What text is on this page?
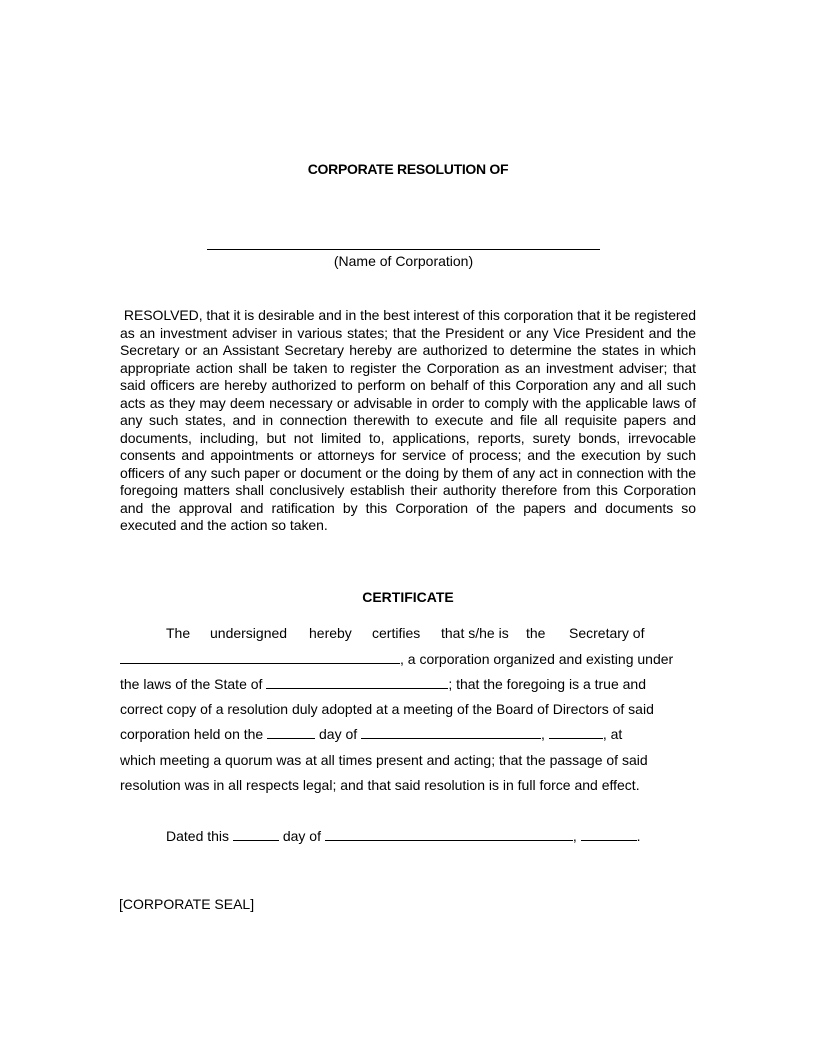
CORPORATE RESOLUTION OF
(Name of Corporation)
RESOLVED, that it is desirable and in the best interest of this corporation that it be registered as an investment adviser in various states; that the President or any Vice President and the Secretary or an Assistant Secretary hereby are authorized to determine the states in which appropriate action shall be taken to register the Corporation as an investment adviser; that said officers are hereby authorized to perform on behalf of this Corporation any and all such acts as they may deem necessary or advisable in order to comply with the applicable laws of any such states, and in connection therewith to execute and file all requisite papers and documents, including, but not limited to, applications, reports, surety bonds, irrevocable consents and appointments or attorneys for service of process; and the execution by such officers of any such paper or document or the doing by them of any act in connection with the foregoing matters shall conclusively establish their authority therefore from this Corporation and the approval and ratification by this Corporation of the papers and documents so executed and the action so taken.
CERTIFICATE
The undersigned hereby certifies that s/he is the Secretary of
, a corporation organized and existing under
the laws of the State of	; that the foregoing is a true and
correct copy of a resolution duly adopted at a meeting of the Board of Directors of said
corporation held on the	day of	,	, at
which meeting a quorum was at all times present and acting; that the passage of said
resolution was in all respects legal; and that said resolution is in full force and effect.
Dated this	day of	,	.
[CORPORATE SEAL]
